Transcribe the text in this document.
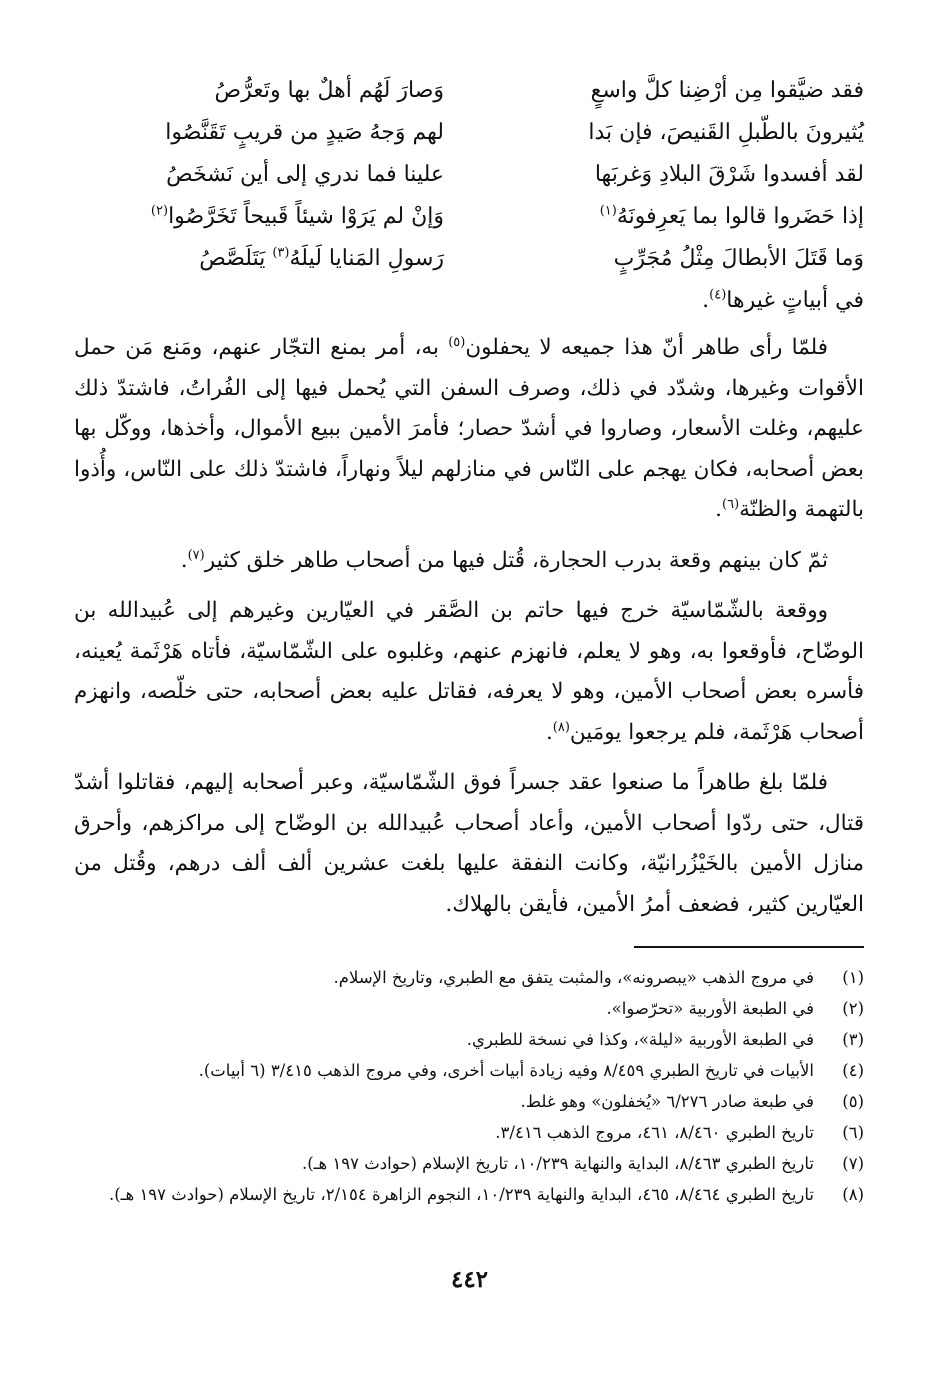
فقد ضيَّقوا مِن أرْضِنا كلَّ واسعٍ
وَصارَ لَهُم أهلٌ بها وتَعرُّصُ
يُثيرونَ بالطّبلِ القَنيصَ، فإن بَدا
لهم وَجهُ صَيدٍ من قريبٍ تَقَنَّصُوا
لقد أفسدوا شَرْقَ البلادِ وَغربَها
علينا فما ندري إلى أين نَشخَصُ
إذا حَضَروا قالوا بما يَعرِفونَهُ$^{(١)}$
وَإنْ لم يَرَوْا شيئاً قَبيحاً تَخَرَّصُوا$^{(٢)}$
وَما قَتَلَ الأبطالَ مِثْلُ مُجَرِّبٍ
رَسولِ المَنايا لَيلَهُ$^{(٣)}$ يَتَلَصَّصُ
في أبياتٍ غيرها$^{(٤)}$.

فلمّا رأى طاهر أنّ هذا جميعه لا يحفلون$^{(٥)}$ به، أمر بمنع التجّار عنهم، ومَنع مَن حمل الأقوات وغيرها، وشدّد في ذلك، وصرف السفن التي يُحمل فيها إلى الفُراتُ، فاشتدّ ذلك عليهم، وغلت الأسعار، وصاروا في أشدّ حصار؛ فأمرَ الأمين ببيع الأموال، وأخذها، ووكّل بها بعض أصحابه، فكان يهجم على النّاس في منازلهم ليلاً ونهاراً، فاشتدّ ذلك على النّاس، وأُذوا بالتهمة والظنّة$^{(٦)}$.

ثمّ كان بينهم وقعة بدرب الحجارة، قُتل فيها من أصحاب طاهر خلق كثير$^{(٧)}$.

ووقعة بالشّمّاسيّة خرج فيها حاتم بن الصَّقر في العيّارين وغيرهم إلى عُبيدالله بن الوضّاح، فأوقعوا به، وهو لا يعلم، فانهزم عنهم، وغلبوه على الشّمّاسيّة، فأتاه هَرْثَمة يُعينه، فأسره بعض أصحاب الأمين، وهو لا يعرفه، فقاتل عليه بعض أصحابه، حتى خلّصه، وانهزم أصحاب هَرْثَمة، فلم يرجعوا يومَين$^{(٨)}$.

فلمّا بلغ طاهراً ما صنعوا عقد جسراً فوق الشّمّاسيّة، وعبر أصحابه إليهم، فقاتلوا أشدّ قتال، حتى ردّوا أصحاب الأمين، وأعاد أصحاب عُبيدالله بن الوضّاح إلى مراكزهم، وأحرق منازل الأمين بالخَيْزُرانيّة، وكانت النفقة عليها بلغت عشرين ألف ألف درهم، وقُتل من العيّارين كثير، فضعف أمرُ الأمين، فأيقن بالهلاك.

(١)
في مروج الذهب «يبصرونه»، والمثبت يتفق مع الطبري، وتاريخ الإسلام.
(٢)
في الطبعة الأوربية «تحرّصوا».
(٣)
في الطبعة الأوربية «ليلة»، وكذا في نسخة للطبري.
(٤)
الأبيات في تاريخ الطبري ٨/٤٥٩ وفيه زيادة أبيات أخرى، وفي مروج الذهب ٣/٤١٥ (٦ أبيات).
(٥)
في طبعة صادر ٦/٢٧٦ «يُخفلون» وهو غلط.
(٦)
تاريخ الطبري ٨/٤٦٠، ٤٦١، مروج الذهب ٣/٤١٦.
(٧)
تاريخ الطبري ٨/٤٦٣، البداية والنهاية ١٠/٢٣٩، تاريخ الإسلام (حوادث ١٩٧ هـ).
(٨)
تاريخ الطبري ٨/٤٦٤، ٤٦٥، البداية والنهاية ١٠/٢٣٩، النجوم الزاهرة ٢/١٥٤، تاريخ الإسلام (حوادث ١٩٧ هـ).
٤٤٢
